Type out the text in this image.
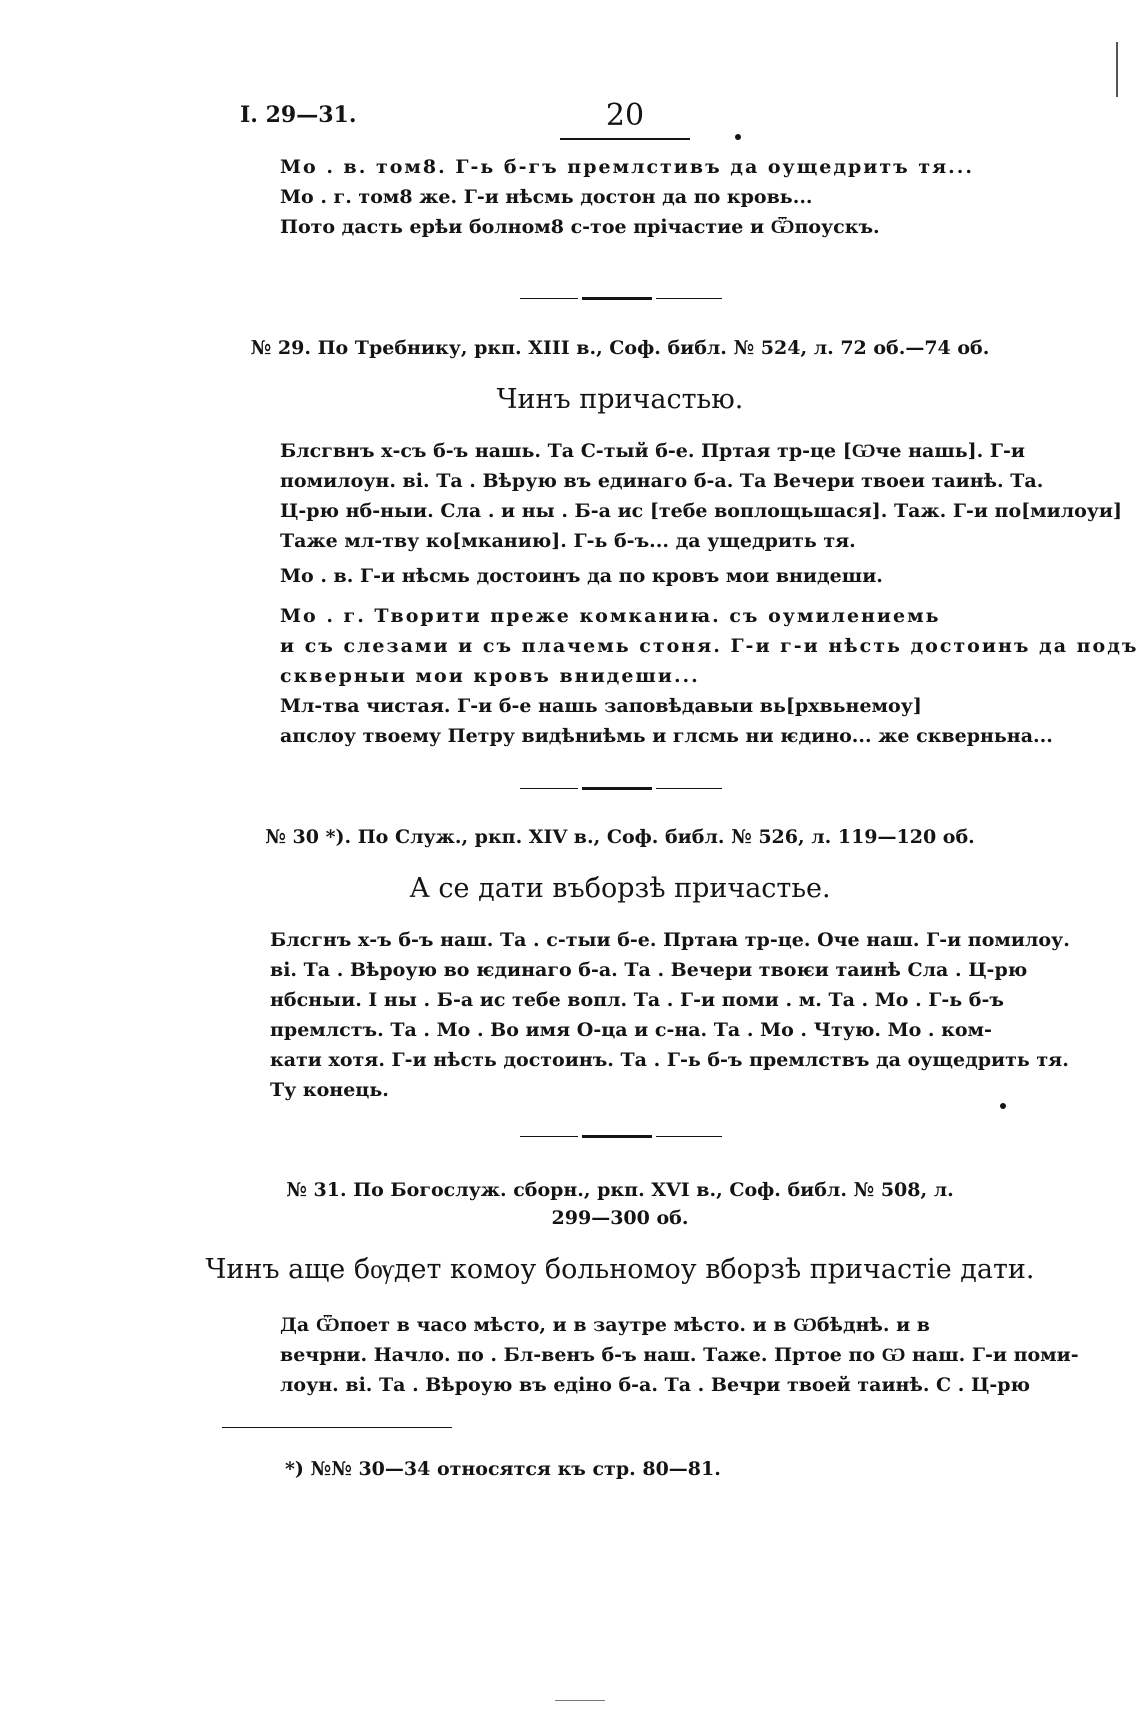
I. 29—31.	20
Мо . в. том8. Г-ь б-гъ премлстивъ да оущедритъ тя...
Мо . г. том8 же. Г-и нѣсмь достон да по кровь...
Пото дасть ерѣи болном8 с-тое прiчастие и Ѿпоускъ.
№ 29. По Требнику, ркп. XIII в., Соф. библ. № 524, л. 72 об.—74 об.
Чинъ причастью.
Блсгвнъ х-съ б-ъ нашь. Та С-тый б-е. Пртая тр-це [Ѡче нашь]. Г-и
помилоун. вi. Та . Вѣрую въ единаго б-а. Та Вечери твоеи таинѣ. Та.
Ц-рю нб-ныи. Сла . и ны . Б-а ис [тебе воплощьшася]. Таж. Г-и по[милоуи]
Таже мл-тву ко[мканию]. Г-ь б-ъ... да ущедрить тя.
Мо . в. Г-и нѣсмь достоинъ да по кровъ мои внидеши.
Мо . г. Творити преже комканиꙗ. съ оумилениемь
и съ слезами и съ плачемь стоня. Г-и г-и нѣсть достоинъ да подъ
скверныи мои кровъ внидеши...
Мл-тва чистая. Г-и б-е нашь заповѣдавыи вь[рхвьнемоу]
апслоу твоему Петру видѣниѣмь и глсмь ни ѥдино... же скверньна...
№ 30 *). По Служ., ркп. XIV в., Соф. библ. № 526, л. 119—120 об.
А се дати въборзѣ причастье.
Блсгнъ х-ъ б-ъ наш. Та . с-тыи б-е. Пртаꙗ тр-це. Оче наш. Г-и помилоу.
вi. Та . Вѣроую во ѥдинаго б-а. Та . Вечери твоѥи таинѣ Сла . Ц-рю
нбсныи. I ны . Б-а ис тебе вопл. Та . Г-и поми . м. Та . Мо . Г-ь б-ъ
премлстъ. Та . Мо . Во имя О-ца и с-на. Та . Мо . Чтую. Мо . ком-
кати хотя. Г-и нѣсть достоинъ. Та . Г-ь б-ъ премлствъ да оущедрить тя.
Ту конець.
№ 31. По Богослуж. сборн., ркп. XVI в., Соф. библ. № 508, л.
299—300 об.
Чинъ аще бѹдет комоу больномоу вборзѣ причастiе дати.
Да Ѿпоет в часо мѣсто, и в заутре мѣсто. и в Ѡбѣднѣ. и в
вечрни. Начло. по . Бл-венъ б-ъ наш. Таже. Пртое по Ѡ наш. Г-и поми-
лоун. вi. Та . Вѣроую въ едiно б-а. Та . Вечри твоей таинѣ. С . Ц-рю
*) №№ 30—34 относятся къ стр. 80—81.
